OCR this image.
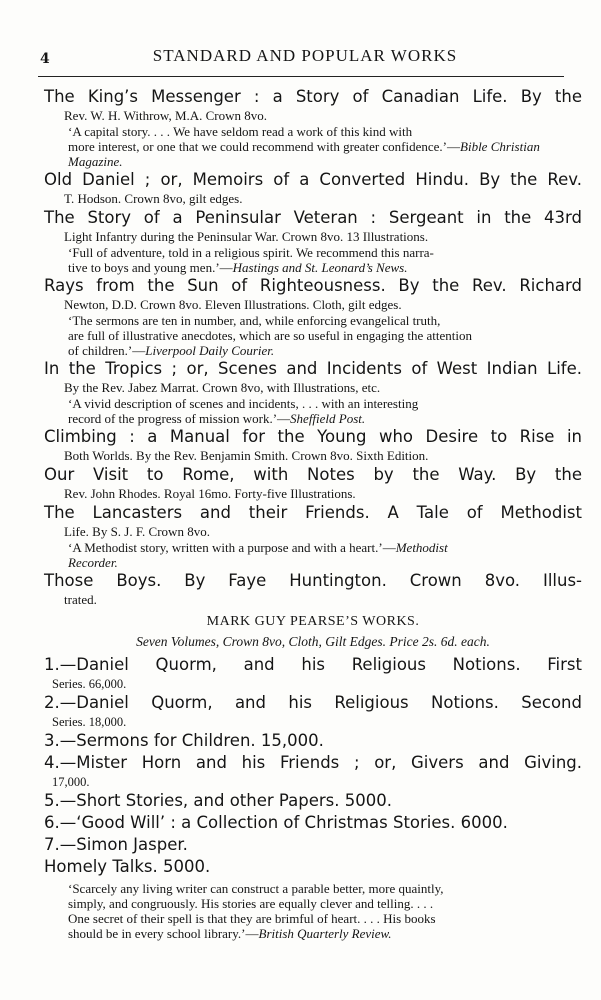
4	STANDARD AND POPULAR WORKS
The King’s Messenger : a Story of Canadian Life. By the
Rev. W. H. Withrow, M.A. Crown 8vo.
‘A capital story. . . . We have seldom read a work of this kind with
more interest, or one that we could recommend with greater confidence.’—Bible Christian Magazine.
Old Daniel ; or, Memoirs of a Converted Hindu. By the Rev.
T. Hodson. Crown 8vo, gilt edges.
The Story of a Peninsular Veteran : Sergeant in the 43rd
Light Infantry during the Peninsular War. Crown 8vo. 13 Illustrations.
‘Full of adventure, told in a religious spirit. We recommend this narra-
tive to boys and young men.’—Hastings and St. Leonard’s News.
Rays from the Sun of Righteousness. By the Rev. Richard
Newton, D.D. Crown 8vo. Eleven Illustrations. Cloth, gilt edges.
‘The sermons are ten in number, and, while enforcing evangelical truth,
are full of illustrative anecdotes, which are so useful in engaging the attention
of children.’—Liverpool Daily Courier.
In the Tropics ; or, Scenes and Incidents of West Indian Life.
By the Rev. Jabez Marrat. Crown 8vo, with Illustrations, etc.
‘A vivid description of scenes and incidents, . . . with an interesting
record of the progress of mission work.’—Sheffield Post.
Climbing : a Manual for the Young who Desire to Rise in
Both Worlds. By the Rev. Benjamin Smith. Crown 8vo. Sixth Edition.
Our Visit to Rome, with Notes by the Way. By the
Rev. John Rhodes. Royal 16mo. Forty-five Illustrations.
The Lancasters and their Friends. A Tale of Methodist
Life. By S. J. F. Crown 8vo.
‘A Methodist story, written with a purpose and with a heart.’—Methodist
Recorder.
Those Boys. By Faye Huntington. Crown 8vo. Illus-
trated.
MARK GUY PEARSE’S WORKS.
Seven Volumes, Crown 8vo, Cloth, Gilt Edges. Price 2s. 6d. each.
1.—Daniel Quorm, and his Religious Notions. First
Series. 66,000.
2.—Daniel Quorm, and his Religious Notions. Second
Series. 18,000.
3.—Sermons for Children. 15,000.
4.—Mister Horn and his Friends ; or, Givers and Giving.
17,000.
5.—Short Stories, and other Papers. 5000.
6.—‘Good Will’ : a Collection of Christmas Stories. 6000.
7.—Simon Jasper.
Homely Talks. 5000.
‘Scarcely any living writer can construct a parable better, more quaintly,
simply, and congruously. His stories are equally clever and telling. . . .
One secret of their spell is that they are brimful of heart. . . . His books
should be in every school library.’—British Quarterly Review.
